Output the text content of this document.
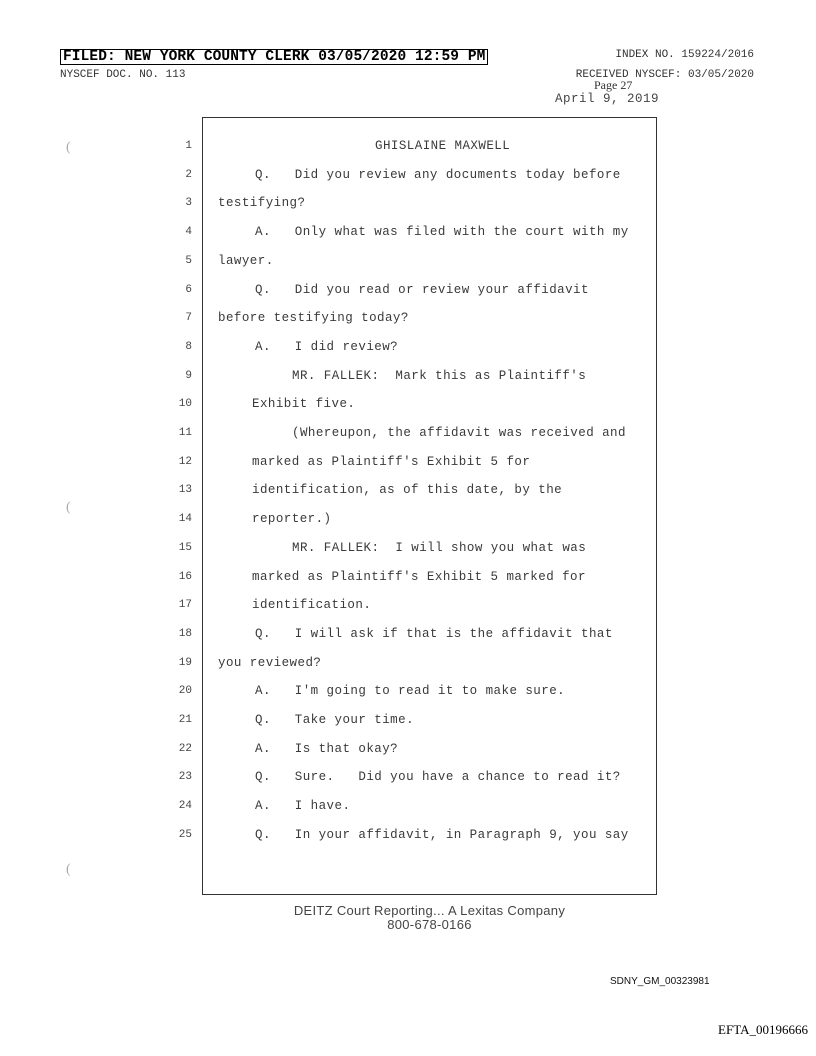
FILED: NEW YORK COUNTY CLERK 03/05/2020 12:59 PM	INDEX NO. 159224/2016
NYSCEF DOC. NO. 113	RECEIVED NYSCEF: 03/05/2020
Page 27
April 9, 2019
1
2
3
4
5
6
7
8
9
10
11
12
13
14
15
16
17
18
19
20
21
22
23
24
25
GHISLAINE MAXWELL
Q.   Did you review any documents today before
testifying?
A.   Only what was filed with the court with my
lawyer.
Q.   Did you read or review your affidavit
before testifying today?
A.   I did review?
MR. FALLEK:  Mark this as Plaintiff's
Exhibit five.
(Whereupon, the affidavit was received and
marked as Plaintiff's Exhibit 5 for
identification, as of this date, by the
reporter.)
MR. FALLEK:  I will show you what was
marked as Plaintiff's Exhibit 5 marked for
identification.
Q.   I will ask if that is the affidavit that
you reviewed?
A.   I'm going to read it to make sure.
Q.   Take your time.
A.   Is that okay?
Q.   Sure.   Did you have a chance to read it?
A.   I have.
Q.   In your affidavit, in Paragraph 9, you say
DEITZ Court Reporting... A Lexitas Company
800-678-0166
SDNY_GM_00323981
EFTA_00196666
(
(
(
